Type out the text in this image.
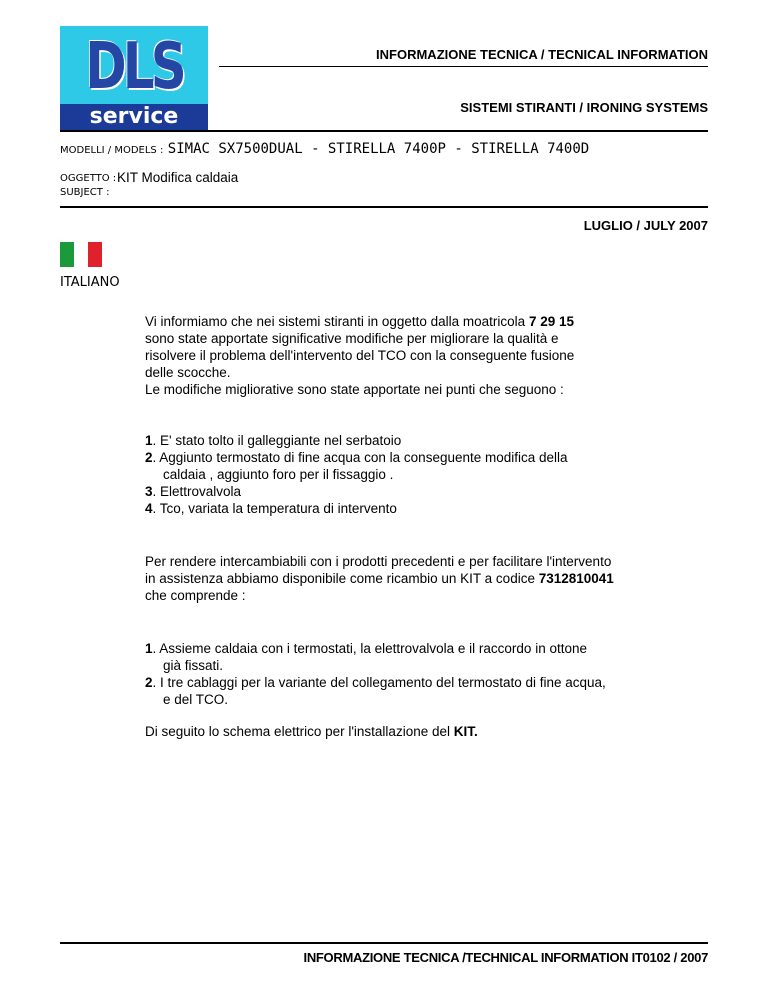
DLS
service
INFORMAZIONE TECNICA / TECNICAL INFORMATION
SISTEMI STIRANTI / IRONING SYSTEMS
MODELLI / MODELS : SIMAC SX7500DUAL - STIRELLA 7400P - STIRELLA 7400D
OGGETTO :
SUBJECT :
KIT Modifica caldaia
LUGLIO / JULY 2007
ITALIANO

Vi informiamo che nei sistemi stiranti in oggetto dalla moatricola 7 29 15

sono state apportate significative modifiche per migliorare la qualità e

risolvere il problema dell'intervento del TCO con la conseguente fusione

delle scocche.

Le modifiche migliorative sono state apportate nei punti che seguono :

1. E' stato tolto il galleggiante nel serbatoio

2. Aggiunto termostato di fine acqua con la conseguente modifica della

caldaia , aggiunto foro per il fissaggio .

3. Elettrovalvola

4. Tco, variata la temperatura di intervento

Per rendere intercambiabili con i prodotti precedenti e per facilitare l'intervento

in assistenza abbiamo disponibile come ricambio un KIT a codice 7312810041

che comprende :

1. Assieme caldaia con i termostati, la elettrovalvola e il raccordo in ottone

già fissati.

2. I tre cablaggi per la variante del collegamento del termostato di fine acqua,

e del TCO.

Di seguito lo schema elettrico per l'installazione del KIT.

INFORMAZIONE TECNICA /TECHNICAL INFORMATION IT0102 / 2007
